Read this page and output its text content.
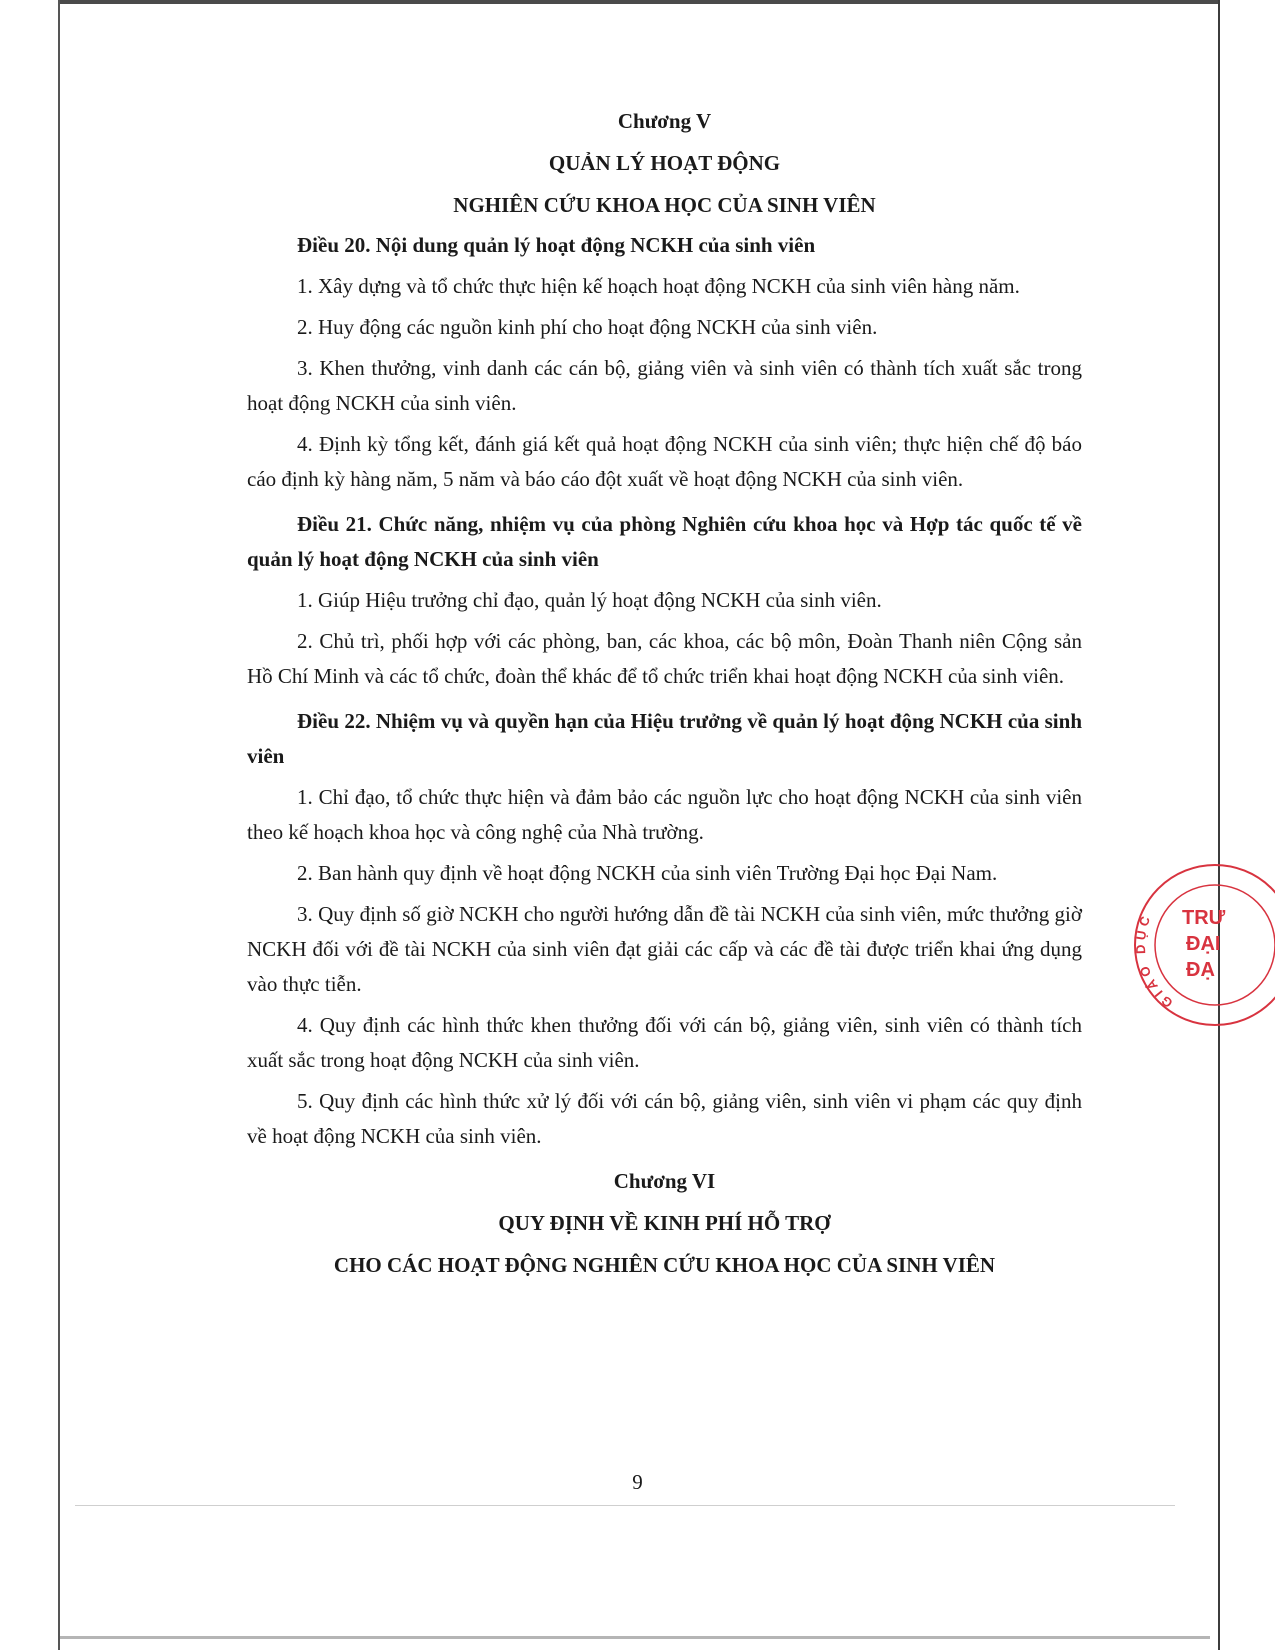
Chương V

QUẢN LÝ HOẠT ĐỘNG

NGHIÊN CỨU KHOA HỌC CỦA SINH VIÊN

Điều 20. Nội dung quản lý hoạt động NCKH của sinh viên

1. Xây dựng và tổ chức thực hiện kế hoạch hoạt động NCKH của sinh viên hàng năm.

2. Huy động các nguồn kinh phí cho hoạt động NCKH của sinh viên.

3. Khen thưởng, vinh danh các cán bộ, giảng viên và sinh viên có thành tích xuất sắc trong hoạt động NCKH của sinh viên.

4. Định kỳ tổng kết, đánh giá kết quả hoạt động NCKH của sinh viên; thực hiện chế độ báo cáo định kỳ hàng năm, 5 năm và báo cáo đột xuất về hoạt động NCKH của sinh viên.

Điều 21. Chức năng, nhiệm vụ của phòng Nghiên cứu khoa học và Hợp tác quốc tế về quản lý hoạt động NCKH của sinh viên

1. Giúp Hiệu trưởng chỉ đạo, quản lý hoạt động NCKH của sinh viên.

2. Chủ trì, phối hợp với các phòng, ban, các khoa, các bộ môn, Đoàn Thanh niên Cộng sản Hồ Chí Minh và các tổ chức, đoàn thể khác để tổ chức triển khai hoạt động NCKH của sinh viên.

Điều 22. Nhiệm vụ và quyền hạn của Hiệu trưởng về quản lý hoạt động NCKH của sinh viên

1. Chỉ đạo, tổ chức thực hiện và đảm bảo các nguồn lực cho hoạt động NCKH của sinh viên theo kế hoạch khoa học và công nghệ của Nhà trường.

2. Ban hành quy định về hoạt động NCKH của sinh viên Trường Đại học Đại Nam.

3. Quy định số giờ NCKH cho người hướng dẫn đề tài NCKH của sinh viên, mức thưởng giờ NCKH đối với đề tài NCKH của sinh viên đạt giải các cấp và các đề tài được triển khai ứng dụng vào thực tiễn.

4. Quy định các hình thức khen thưởng đối với cán bộ, giảng viên, sinh viên có thành tích xuất sắc trong hoạt động NCKH của sinh viên.

5. Quy định các hình thức xử lý đối với cán bộ, giảng viên, sinh viên vi phạm các quy định về hoạt động NCKH của sinh viên.

Chương VI

QUY ĐỊNH VỀ KINH PHÍ HỖ TRỢ

CHO CÁC HOẠT ĐỘNG NGHIÊN CỨU KHOA HỌC CỦA SINH VIÊN

9

GIÁO DỤC	TRƯ
ĐẠI
ĐẠ
